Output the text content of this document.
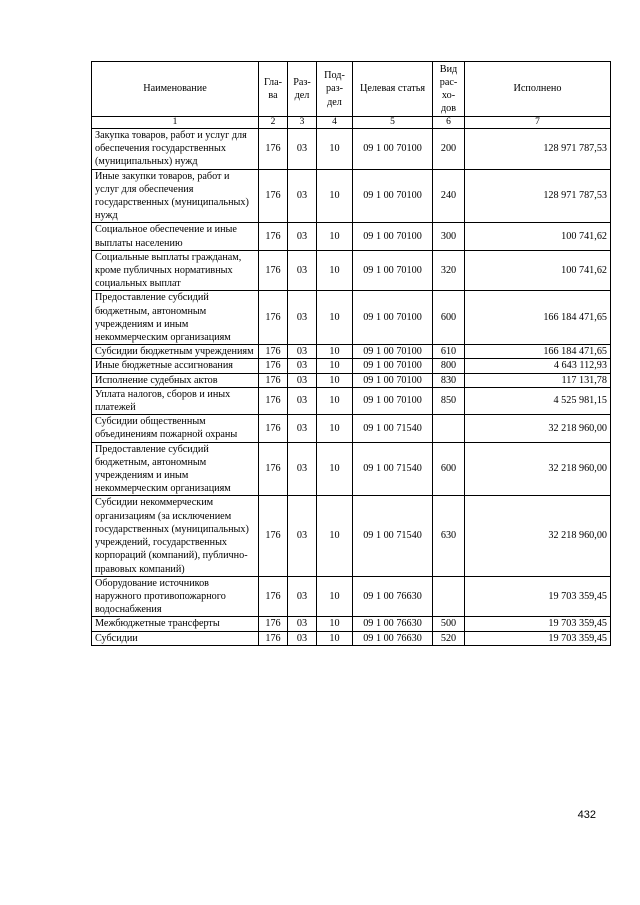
Наименование	Гла-ва	Раз-дел	Под-раз-дел	Целевая статья	Вид рас-хо-дов	Исполнено
1	2	3	4	5	6	7
Закупка товаров, работ и услуг для обеспечения государственных (муниципальных) нужд	176	03	10	09 1 00 70100	200	128 971 787,53
Иные закупки товаров, работ и услуг для обеспечения государственных (муниципальных) нужд	176	03	10	09 1 00 70100	240	128 971 787,53
Социальное обеспечение и иные выплаты населению	176	03	10	09 1 00 70100	300	100 741,62
Социальные выплаты гражданам, кроме публичных нормативных социальных выплат	176	03	10	09 1 00 70100	320	100 741,62
Предоставление субсидий бюджетным, автономным учреждениям и иным некоммерческим организациям	176	03	10	09 1 00 70100	600	166 184 471,65
Субсидии бюджетным учреждениям	176	03	10	09 1 00 70100	610	166 184 471,65
Иные бюджетные ассигнования	176	03	10	09 1 00 70100	800	4 643 112,93
Исполнение судебных актов	176	03	10	09 1 00 70100	830	117 131,78
Уплата налогов, сборов и иных платежей	176	03	10	09 1 00 70100	850	4 525 981,15
Субсидии общественным объединениям пожарной охраны	176	03	10	09 1 00 71540		32 218 960,00
Предоставление субсидий бюджетным, автономным учреждениям и иным некоммерческим организациям	176	03	10	09 1 00 71540	600	32 218 960,00
Субсидии некоммерческим организациям (за исключением государственных (муниципальных) учреждений, государственных корпораций (компаний), публично-правовых компаний)	176	03	10	09 1 00 71540	630	32 218 960,00
Оборудование источников наружного противопожарного водоснабжения	176	03	10	09 1 00 76630		19 703 359,45
Межбюджетные трансферты	176	03	10	09 1 00 76630	500	19 703 359,45
Субсидии	176	03	10	09 1 00 76630	520	19 703 359,45
432
